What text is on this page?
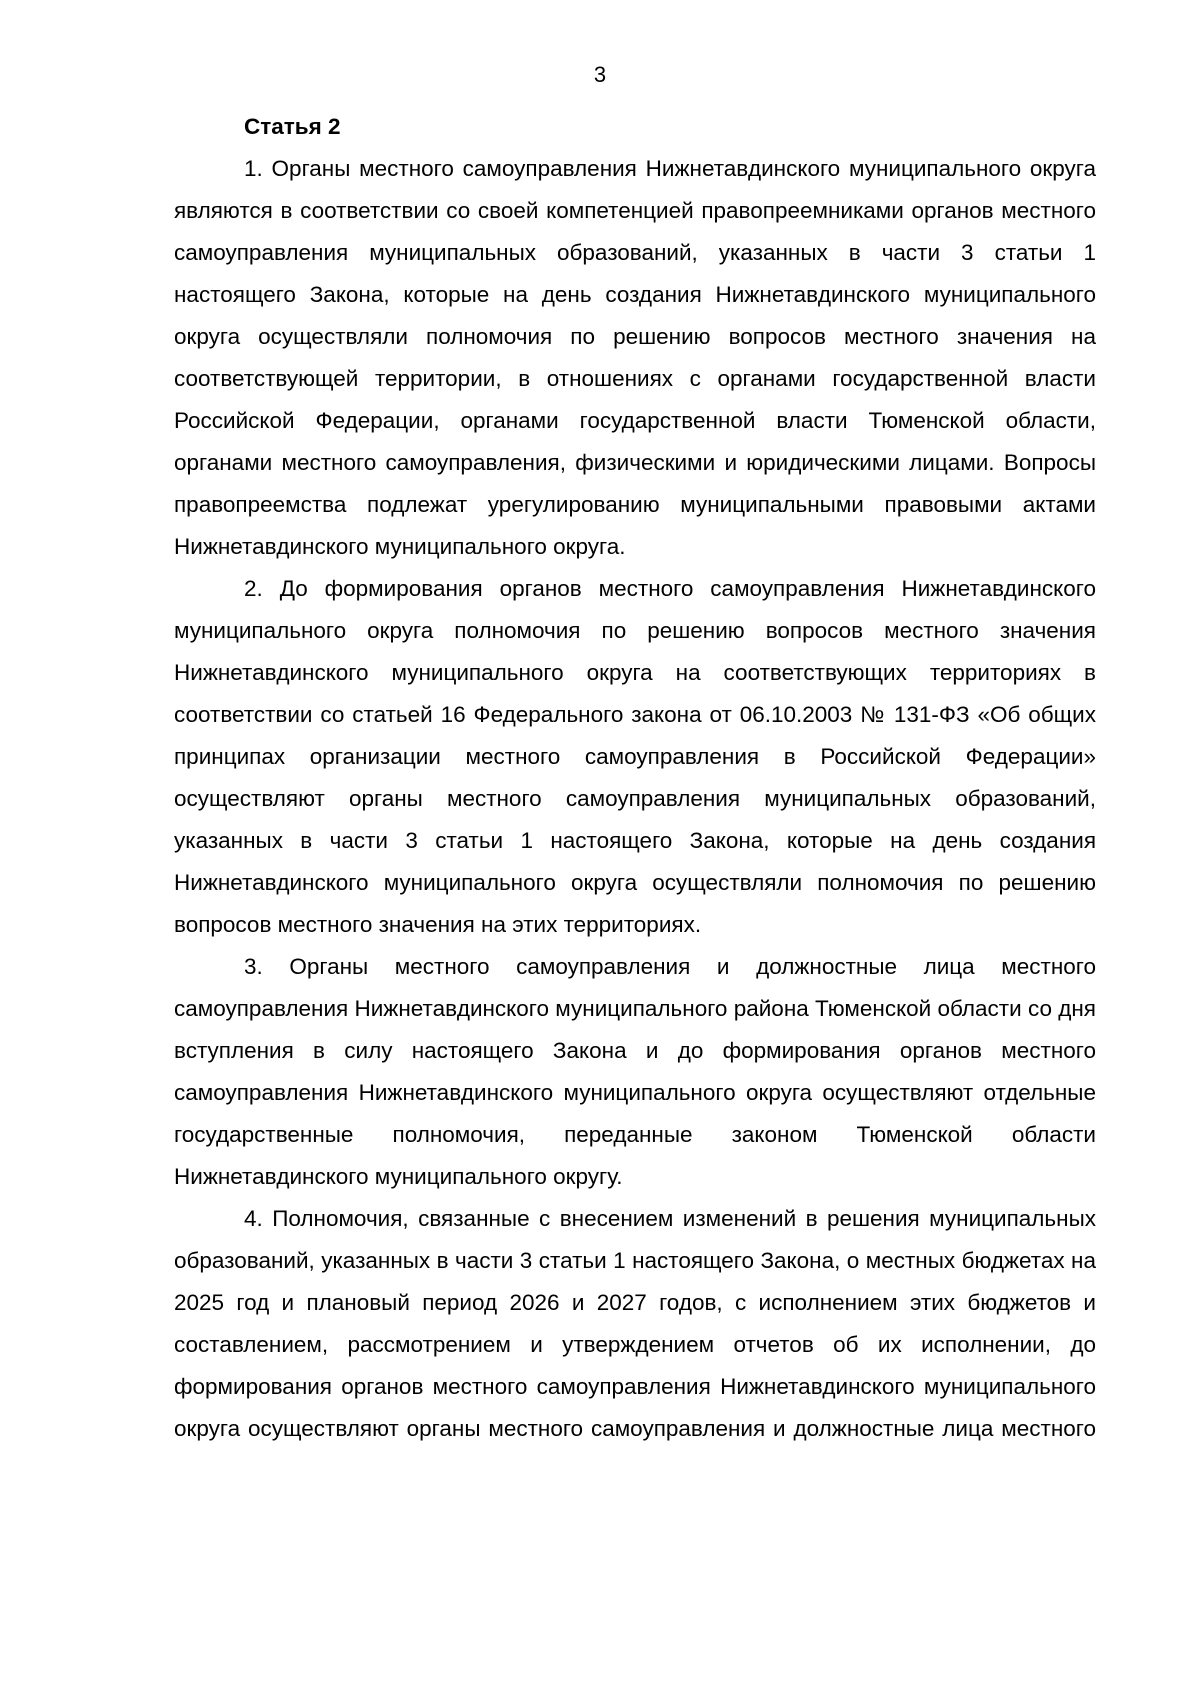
3

Статья 2

1. Органы местного самоуправления Нижнетавдинского муниципального округа являются в соответствии со своей компетенцией правопреемниками органов местного самоуправления муниципальных образований, указанных в части 3 статьи 1 настоящего Закона, которые на день создания Нижнетавдинского муниципального округа осуществляли полномочия по решению вопросов местного значения на соответствующей территории, в отношениях с органами государственной власти Российской Федерации, органами государственной власти Тюменской области, органами местного самоуправления, физическими и юридическими лицами. Вопросы правопреемства подлежат урегулированию муниципальными правовыми актами Нижнетавдинского муниципального округа.

2. До формирования органов местного самоуправления Нижнетавдинского муниципального округа полномочия по решению вопросов местного значения Нижнетавдинского муниципального округа на соответствующих территориях в соответствии со статьей 16 Федерального закона от 06.10.2003 № 131-ФЗ «Об общих принципах организации местного самоуправления в Российской Федерации» осуществляют органы местного самоуправления муниципальных образований, указанных в части 3 статьи 1 настоящего Закона, которые на день создания Нижнетавдинского муниципального округа осуществляли полномочия по решению вопросов местного значения на этих территориях.

3. Органы местного самоуправления и должностные лица местного самоуправления Нижнетавдинского муниципального района Тюменской области со дня вступления в силу настоящего Закона и до формирования органов местного самоуправления Нижнетавдинского муниципального округа осуществляют отдельные государственные полномочия, переданные законом Тюменской области Нижнетавдинского муниципального округу.

4. Полномочия, связанные с внесением изменений в решения муниципальных образований, указанных в части 3 статьи 1 настоящего Закона, о местных бюджетах на 2025 год и плановый период 2026 и 2027 годов, с исполнением этих бюджетов и составлением, рассмотрением и утверждением отчетов об их исполнении, до формирования органов местного самоуправления Нижнетавдинского муниципального округа осуществляют органы местного самоуправления и должностные лица местного
